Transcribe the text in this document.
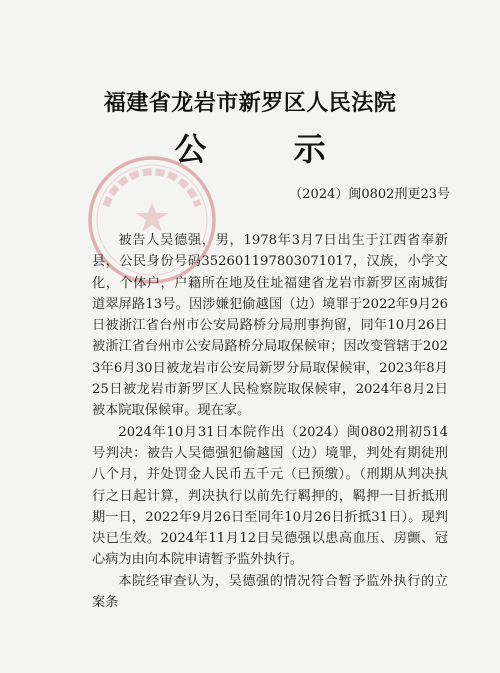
福建省龙岩市新罗区人民法院
公 示
（2024）闽0802刑更23号

被告人吴德强，男，1978年3月7日出生于江西省奉新县，公民身份号码352601197803071017，汉族，小学文化，个体户，户籍所在地及住址福建省龙岩市新罗区南城街道翠屏路13号。因涉嫌犯偷越国（边）境罪于2022年9月26日被浙江省台州市公安局路桥分局刑事拘留，同年10月26日被浙江省台州市公安局路桥分局取保候审；因改变管辖于2023年6月30日被龙岩市公安局新罗分局取保候审，2023年8月25日被龙岩市新罗区人民检察院取保候审，2024年8月2日被本院取保候审。现在家。

2024年10月31日本院作出（2024）闽0802刑初514号判决：被告人吴德强犯偷越国（边）境罪，判处有期徒刑八个月，并处罚金人民币五千元（已预缴）。（刑期从判决执行之日起计算，判决执行以前先行羁押的，羁押一日折抵刑期一日，2022年9月26日至同年10月26日折抵31日）。现判决已生效。2024年11月12日吴德强以患高血压、房颤、冠心病为由向本院申请暂予监外执行。

本院经审查认为，吴德强的情况符合暂予监外执行的立案条
